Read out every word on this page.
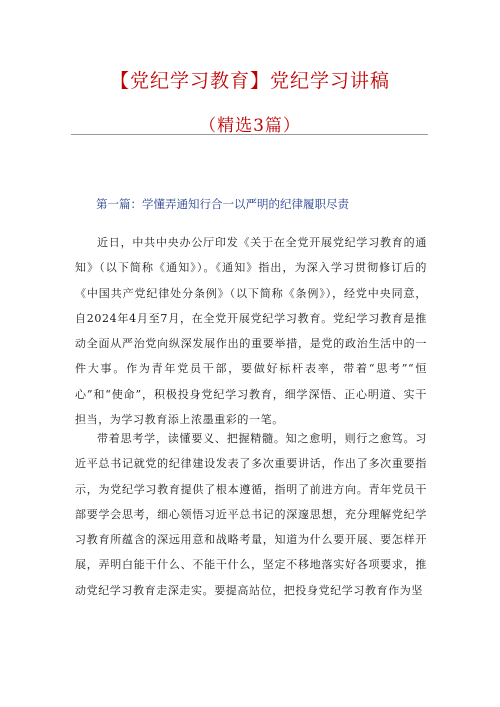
【党纪学习教育】党纪学习讲稿
（精选3篇）
第一篇：学懂弄通知行合一以严明的纪律履职尽责

近日，中共中央办公厅印发《关于在全党开展党纪学习教育的通知》（以下简称《通知》）。《通知》指出，为深入学习贯彻修订后的《中国共产党纪律处分条例》（以下简称《条例》），经党中央同意，自2024年4月至7月，在全党开展党纪学习教育。党纪学习教育是推动全面从严治党向纵深发展作出的重要举措，是党的政治生活中的一件大事。作为青年党员干部，要做好标杆表率，带着“思考”“恒心”和“使命”，积极投身党纪学习教育，细学深悟、正心明道、实干担当，为学习教育添上浓墨重彩的一笔。

带着思考学，读懂要义、把握精髓。知之愈明，则行之愈笃。习近平总书记就党的纪律建设发表了多次重要讲话，作出了多次重要指示，为党纪学习教育提供了根本遵循，指明了前进方向。青年党员干部要学会思考，细心领悟习近平总书记的深邃思想，充分理解党纪学习教育所蕴含的深远用意和战略考量，知道为什么要开展、要怎样开展，弄明白能干什么、不能干什么，坚定不移地落实好各项要求，推动党纪学习教育走深走实。要提高站位，把投身党纪学习教育作为坚
